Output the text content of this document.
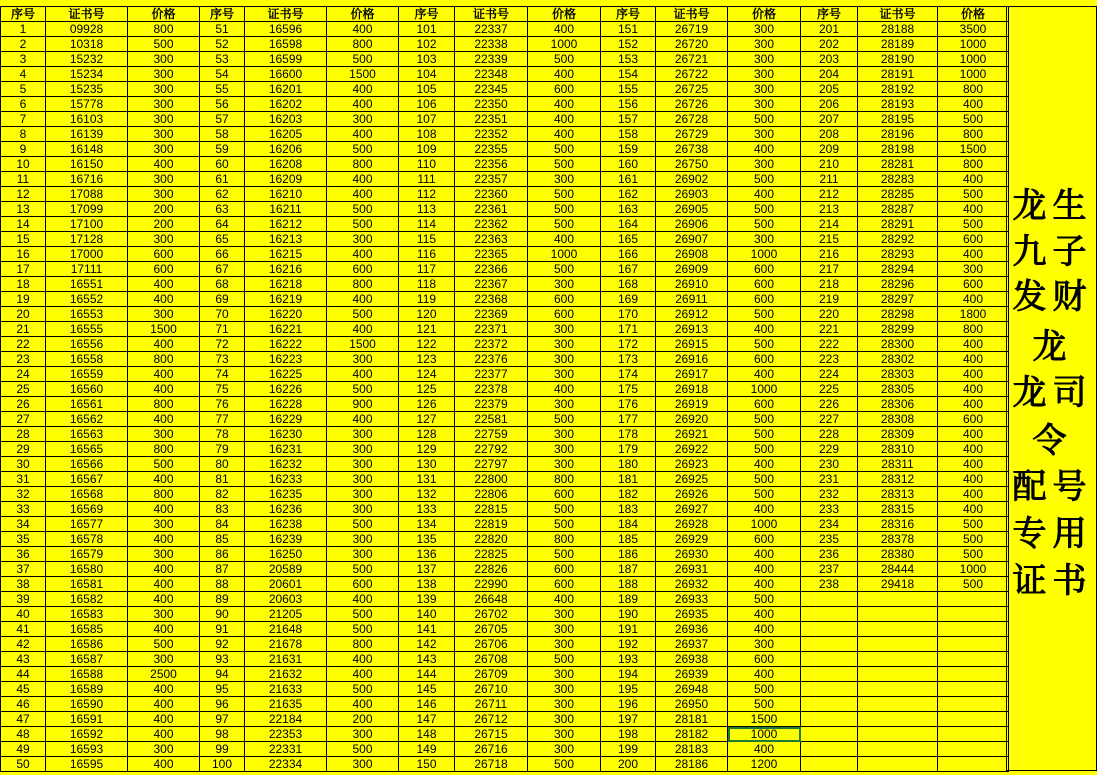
序号	证书号	价格	序号	证书号	价格	序号	证书号	价格	序号	证书号	价格	序号	证书号	价格
1	09928	800	51	16596	400	101	22337	400	151	26719	300	201	28188	3500
2	10318	500	52	16598	800	102	22338	1000	152	26720	300	202	28189	1000
3	15232	300	53	16599	500	103	22339	500	153	26721	300	203	28190	1000
4	15234	300	54	16600	1500	104	22348	400	154	26722	300	204	28191	1000
5	15235	300	55	16201	400	105	22345	600	155	26725	300	205	28192	800
6	15778	300	56	16202	400	106	22350	400	156	26726	300	206	28193	400
7	16103	300	57	16203	300	107	22351	400	157	26728	500	207	28195	500
8	16139	300	58	16205	400	108	22352	400	158	26729	300	208	28196	800
9	16148	300	59	16206	500	109	22355	500	159	26738	400	209	28198	1500
10	16150	400	60	16208	800	110	22356	500	160	26750	300	210	28281	800
11	16716	300	61	16209	400	111	22357	300	161	26902	500	211	28283	400
12	17088	300	62	16210	400	112	22360	500	162	26903	400	212	28285	500
13	17099	200	63	16211	500	113	22361	500	163	26905	500	213	28287	400
14	17100	200	64	16212	500	114	22362	500	164	26906	500	214	28291	500
15	17128	300	65	16213	300	115	22363	400	165	26907	300	215	28292	600
16	17000	600	66	16215	400	116	22365	1000	166	26908	1000	216	28293	400
17	17111	600	67	16216	600	117	22366	500	167	26909	600	217	28294	300
18	16551	400	68	16218	800	118	22367	300	168	26910	600	218	28296	600
19	16552	400	69	16219	400	119	22368	600	169	26911	600	219	28297	400
20	16553	300	70	16220	500	120	22369	600	170	26912	500	220	28298	1800
21	16555	1500	71	16221	400	121	22371	300	171	26913	400	221	28299	800
22	16556	400	72	16222	1500	122	22372	300	172	26915	500	222	28300	400
23	16558	800	73	16223	300	123	22376	300	173	26916	600	223	28302	400
24	16559	400	74	16225	400	124	22377	300	174	26917	400	224	28303	400
25	16560	400	75	16226	500	125	22378	400	175	26918	1000	225	28305	400
26	16561	800	76	16228	900	126	22379	300	176	26919	600	226	28306	400
27	16562	400	77	16229	400	127	22581	500	177	26920	500	227	28308	600
28	16563	300	78	16230	300	128	22759	300	178	26921	500	228	28309	400
29	16565	800	79	16231	300	129	22792	300	179	26922	500	229	28310	400
30	16566	500	80	16232	300	130	22797	300	180	26923	400	230	28311	400
31	16567	400	81	16233	300	131	22800	800	181	26925	500	231	28312	400
32	16568	800	82	16235	300	132	22806	600	182	26926	500	232	28313	400
33	16569	400	83	16236	300	133	22815	500	183	26927	400	233	28315	400
34	16577	300	84	16238	500	134	22819	500	184	26928	1000	234	28316	500
35	16578	400	85	16239	300	135	22820	800	185	26929	600	235	28378	500
36	16579	300	86	16250	300	136	22825	500	186	26930	400	236	28380	500
37	16580	400	87	20589	500	137	22826	600	187	26931	400	237	28444	1000
38	16581	400	88	20601	600	138	22990	600	188	26932	400	238	29418	500
39	16582	400	89	20603	400	139	26648	400	189	26933	500			
40	16583	300	90	21205	500	140	26702	300	190	26935	400			
41	16585	400	91	21648	500	141	26705	300	191	26936	400			
42	16586	500	92	21678	800	142	26706	300	192	26937	300			
43	16587	300	93	21631	400	143	26708	500	193	26938	600			
44	16588	2500	94	21632	400	144	26709	300	194	26939	400			
45	16589	400	95	21633	500	145	26710	300	195	26948	500			
46	16590	400	96	21635	400	146	26711	300	196	26950	500			
47	16591	400	97	22184	200	147	26712	300	197	28181	1500			
48	16592	400	98	22353	300	148	26715	300	198	28182	1000			
49	16593	300	99	22331	500	149	26716	300	199	28183	400			
50	16595	400	100	22334	300	150	26718	500	200	28186	1200			
龙生
九子
发财
龙
龙司
令
配号
专用
证书
